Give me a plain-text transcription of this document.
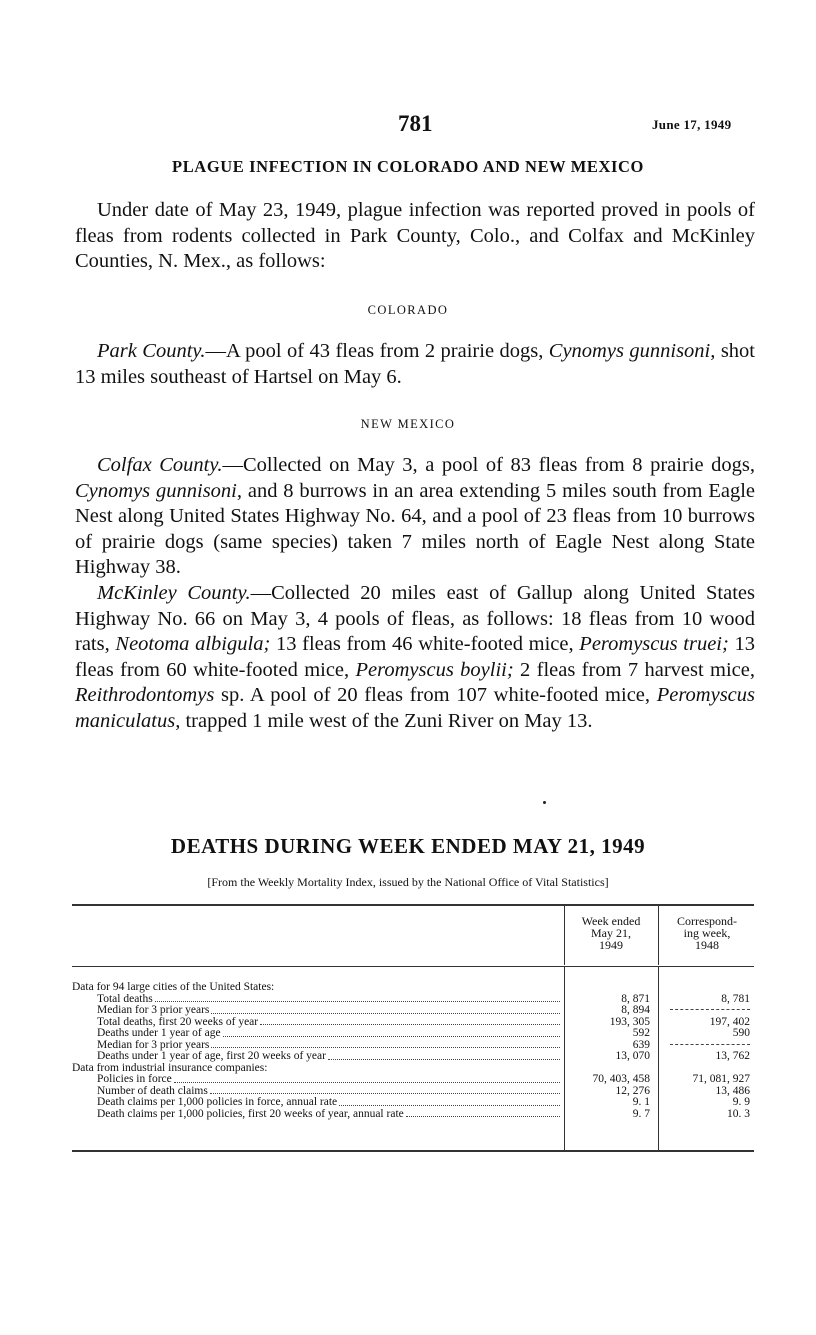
781	June 17, 1949
PLAGUE INFECTION IN COLORADO AND NEW MEXICO

Under date of May 23, 1949, plague infection was reported proved in pools of fleas from rodents collected in Park County, Colo., and Colfax and McKinley Counties, N. Mex., as follows:

COLORADO

Park County.—A pool of 43 fleas from 2 prairie dogs, Cynomys gunnisoni, shot 13 miles southeast of Hartsel on May 6.

NEW MEXICO

Colfax County.—Collected on May 3, a pool of 83 fleas from 8 prairie dogs, Cynomys gunnisoni, and 8 burrows in an area extending 5 miles south from Eagle Nest along United States Highway No. 64, and a pool of 23 fleas from 10 burrows of prairie dogs (same species) taken 7 miles north of Eagle Nest along State Highway 38.

McKinley County.—Collected 20 miles east of Gallup along United States Highway No. 66 on May 3, 4 pools of fleas, as follows: 18 fleas from 10 wood rats, Neotoma albigula; 13 fleas from 46 white-footed mice, Peromyscus truei; 13 fleas from 60 white-footed mice, Peromyscus boylii; 2 fleas from 7 harvest mice, Reithrodontomys sp. A pool of 20 fleas from 107 white-footed mice, Peromyscus maniculatus, trapped 1 mile west of the Zuni River on May 13.

DEATHS DURING WEEK ENDED MAY 21, 1949
[From the Weekly Mortality Index, issued by the National Office of Vital Statistics]
Week ended
May 21,
1949
Correspond-
ing week,
1948
Data for 94 large cities of the United States:
Total deaths	8, 871	8, 781
Median for 3 prior years	8, 894
Total deaths, first 20 weeks of year	193, 305	197, 402
Deaths under 1 year of age	592	590
Median for 3 prior years	639
Deaths under 1 year of age, first 20 weeks of year	13, 070	13, 762
Data from industrial insurance companies:
Policies in force	70, 403, 458	71, 081, 927
Number of death claims	12, 276	13, 486
Death claims per 1,000 policies in force, annual rate	9. 1	9. 9
Death claims per 1,000 policies, first 20 weeks of year, annual rate	9. 7	10. 3
